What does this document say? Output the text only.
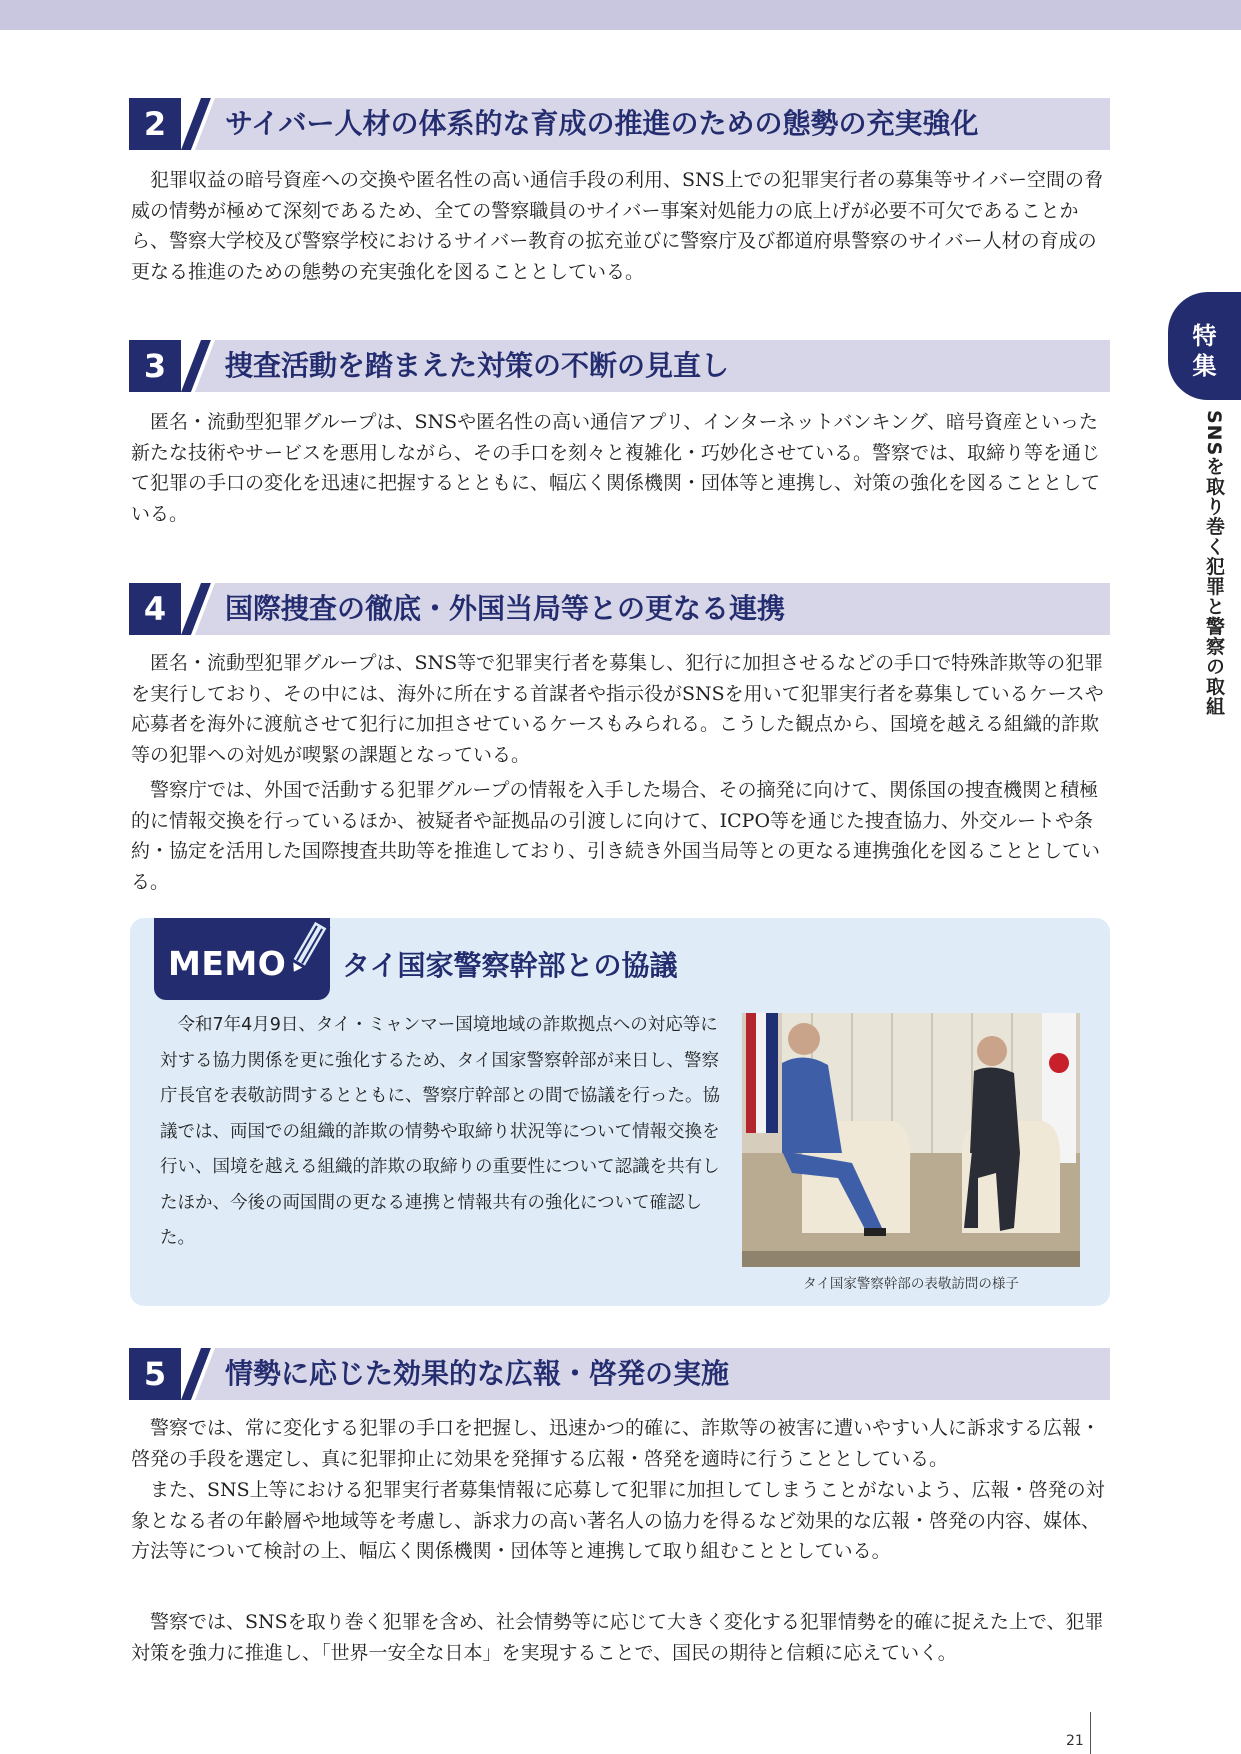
2	サイバー人材の体系的な育成の推進のための態勢の充実強化

　犯罪収益の暗号資産への交換や匿名性の高い通信手段の利用、SNS上での犯罪実行者の募集等サイバー空間の脅威の情勢が極めて深刻であるため、全ての警察職員のサイバー事案対処能力の底上げが必要不可欠であることから、警察大学校及び警察学校におけるサイバー教育の拡充並びに警察庁及び都道府県警察のサイバー人材の育成の更なる推進のための態勢の充実強化を図ることとしている。

3	捜査活動を踏まえた対策の不断の見直し

　匿名・流動型犯罪グループは、SNSや匿名性の高い通信アプリ、インターネットバンキング、暗号資産といった新たな技術やサービスを悪用しながら、その手口を刻々と複雑化・巧妙化させている。警察では、取締り等を通じて犯罪の手口の変化を迅速に把握するとともに、幅広く関係機関・団体等と連携し、対策の強化を図ることとしている。

4	国際捜査の徹底・外国当局等との更なる連携

　匿名・流動型犯罪グループは、SNS等で犯罪実行者を募集し、犯行に加担させるなどの手口で特殊詐欺等の犯罪を実行しており、その中には、海外に所在する首謀者や指示役がSNSを用いて犯罪実行者を募集しているケースや応募者を海外に渡航させて犯行に加担させているケースもみられる。こうした観点から、国境を越える組織的詐欺等の犯罪への対処が喫緊の課題となっている。

　警察庁では、外国で活動する犯罪グループの情報を入手した場合、その摘発に向けて、関係国の捜査機関と積極的に情報交換を行っているほか、被疑者や証拠品の引渡しに向けて、ICPO等を通じた捜査協力、外交ルートや条約・協定を活用した国際捜査共助等を推進しており、引き続き外国当局等との更なる連携強化を図ることとしている。

MEMO タイ国家警察幹部との協議

　令和7年4月9日、タイ・ミャンマー国境地域の詐欺拠点への対応等に対する協力関係を更に強化するため、タイ国家警察幹部が来日し、警察庁長官を表敬訪問するとともに、警察庁幹部との間で協議を行った。協議では、両国での組織的詐欺の情勢や取締り状況等について情報交換を行い、国境を越える組織的詐欺の取締りの重要性について認識を共有したほか、今後の両国間の更なる連携と情報共有の強化について確認した。

タイ国家警察幹部の表敬訪問の様子
5	情勢に応じた効果的な広報・啓発の実施

　警察では、常に変化する犯罪の手口を把握し、迅速かつ的確に、詐欺等の被害に遭いやすい人に訴求する広報・啓発の手段を選定し、真に犯罪抑止に効果を発揮する広報・啓発を適時に行うこととしている。

　また、SNS上等における犯罪実行者募集情報に応募して犯罪に加担してしまうことがないよう、広報・啓発の対象となる者の年齢層や地域等を考慮し、訴求力の高い著名人の協力を得るなど効果的な広報・啓発の内容、媒体、方法等について検討の上、幅広く関係機関・団体等と連携して取り組むこととしている。

　警察では、SNSを取り巻く犯罪を含め、社会情勢等に応じて大きく変化する犯罪情勢を的確に捉えた上で、犯罪対策を強力に推進し、「世界一安全な日本」を実現することで、国民の期待と信頼に応えていく。

特
集
SNSを取り巻く犯罪と警察の取組
21
